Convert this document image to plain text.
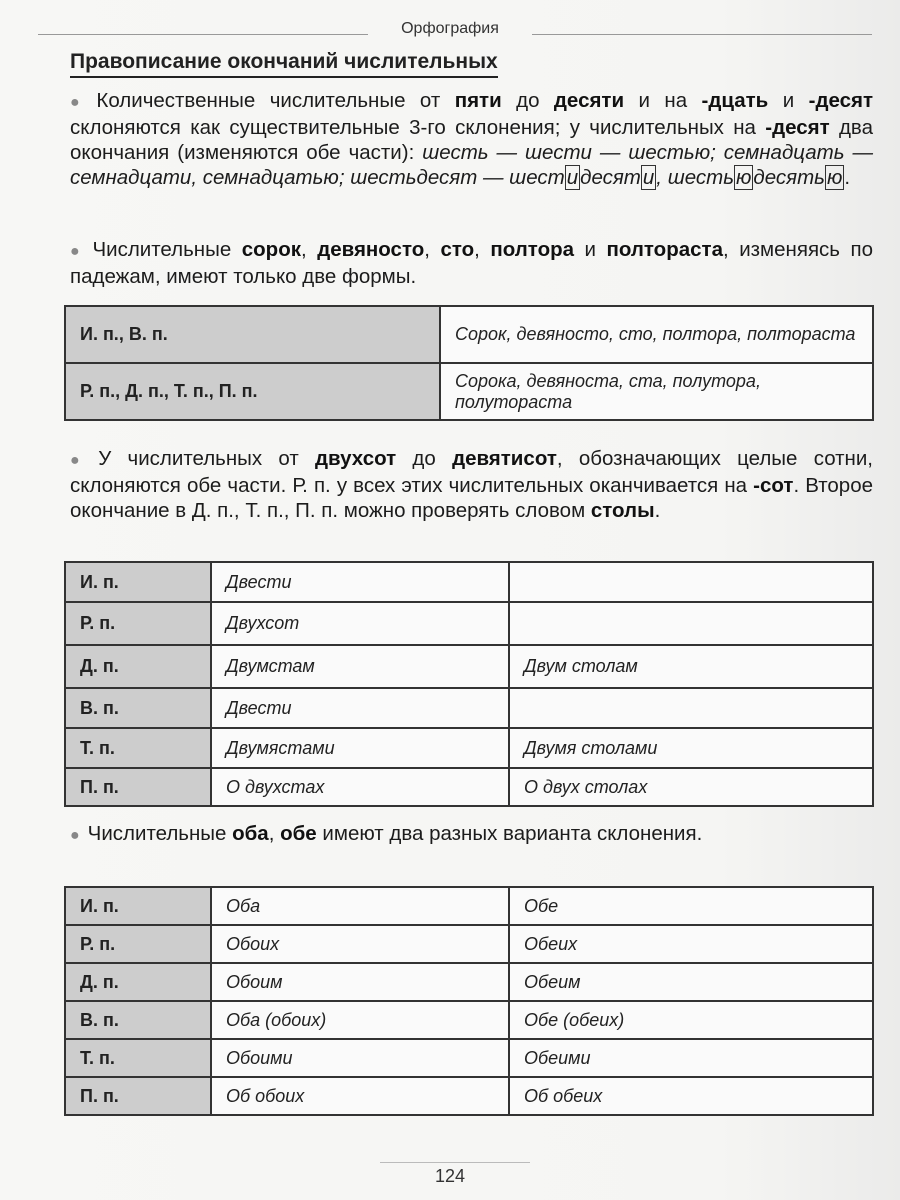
Орфография
Правописание окончаний числительных
● Количественные числительные от пяти до десяти и на -дцать и -десят склоняются как существительные 3-го склонения; у числительных на -десят два окончания (изменяются обе части): шесть — шести — шестью; семнадцать — семнадцати, семнадцатью; шестьдесят — шестидесяти, шестьюдесятью.
● Числительные сорок, девяносто, сто, полтора и полтораста, изменяясь по падежам, имеют только две формы.
И. п., В. п.	Сорок, девяносто, сто, полтора, полтораста
Р. п., Д. п., Т. п., П. п.	Сорока, девяноста, ста, полутора, полутораста
● У числительных от двухсот до девятисот, обозначающих целые сотни, склоняются обе части. Р. п. у всех этих числительных оканчивается на -сот. Второе окончание в Д. п., Т. п., П. п. можно проверять словом столы.
И. п.	Двести	
Р. п.	Двухсот	
Д. п.	Двумстам	Двум столам
В. п.	Двести	
Т. п.	Двумястами	Двумя столами
П. п.	О двухстах	О двух столах
● Числительные оба, обе имеют два разных варианта склонения.
И. п.	Оба	Обе
Р. п.	Обоих	Обеих
Д. п.	Обоим	Обеим
В. п.	Оба (обоих)	Обе (обеих)
Т. п.	Обоими	Обеими
П. п.	Об обоих	Об обеих
124
